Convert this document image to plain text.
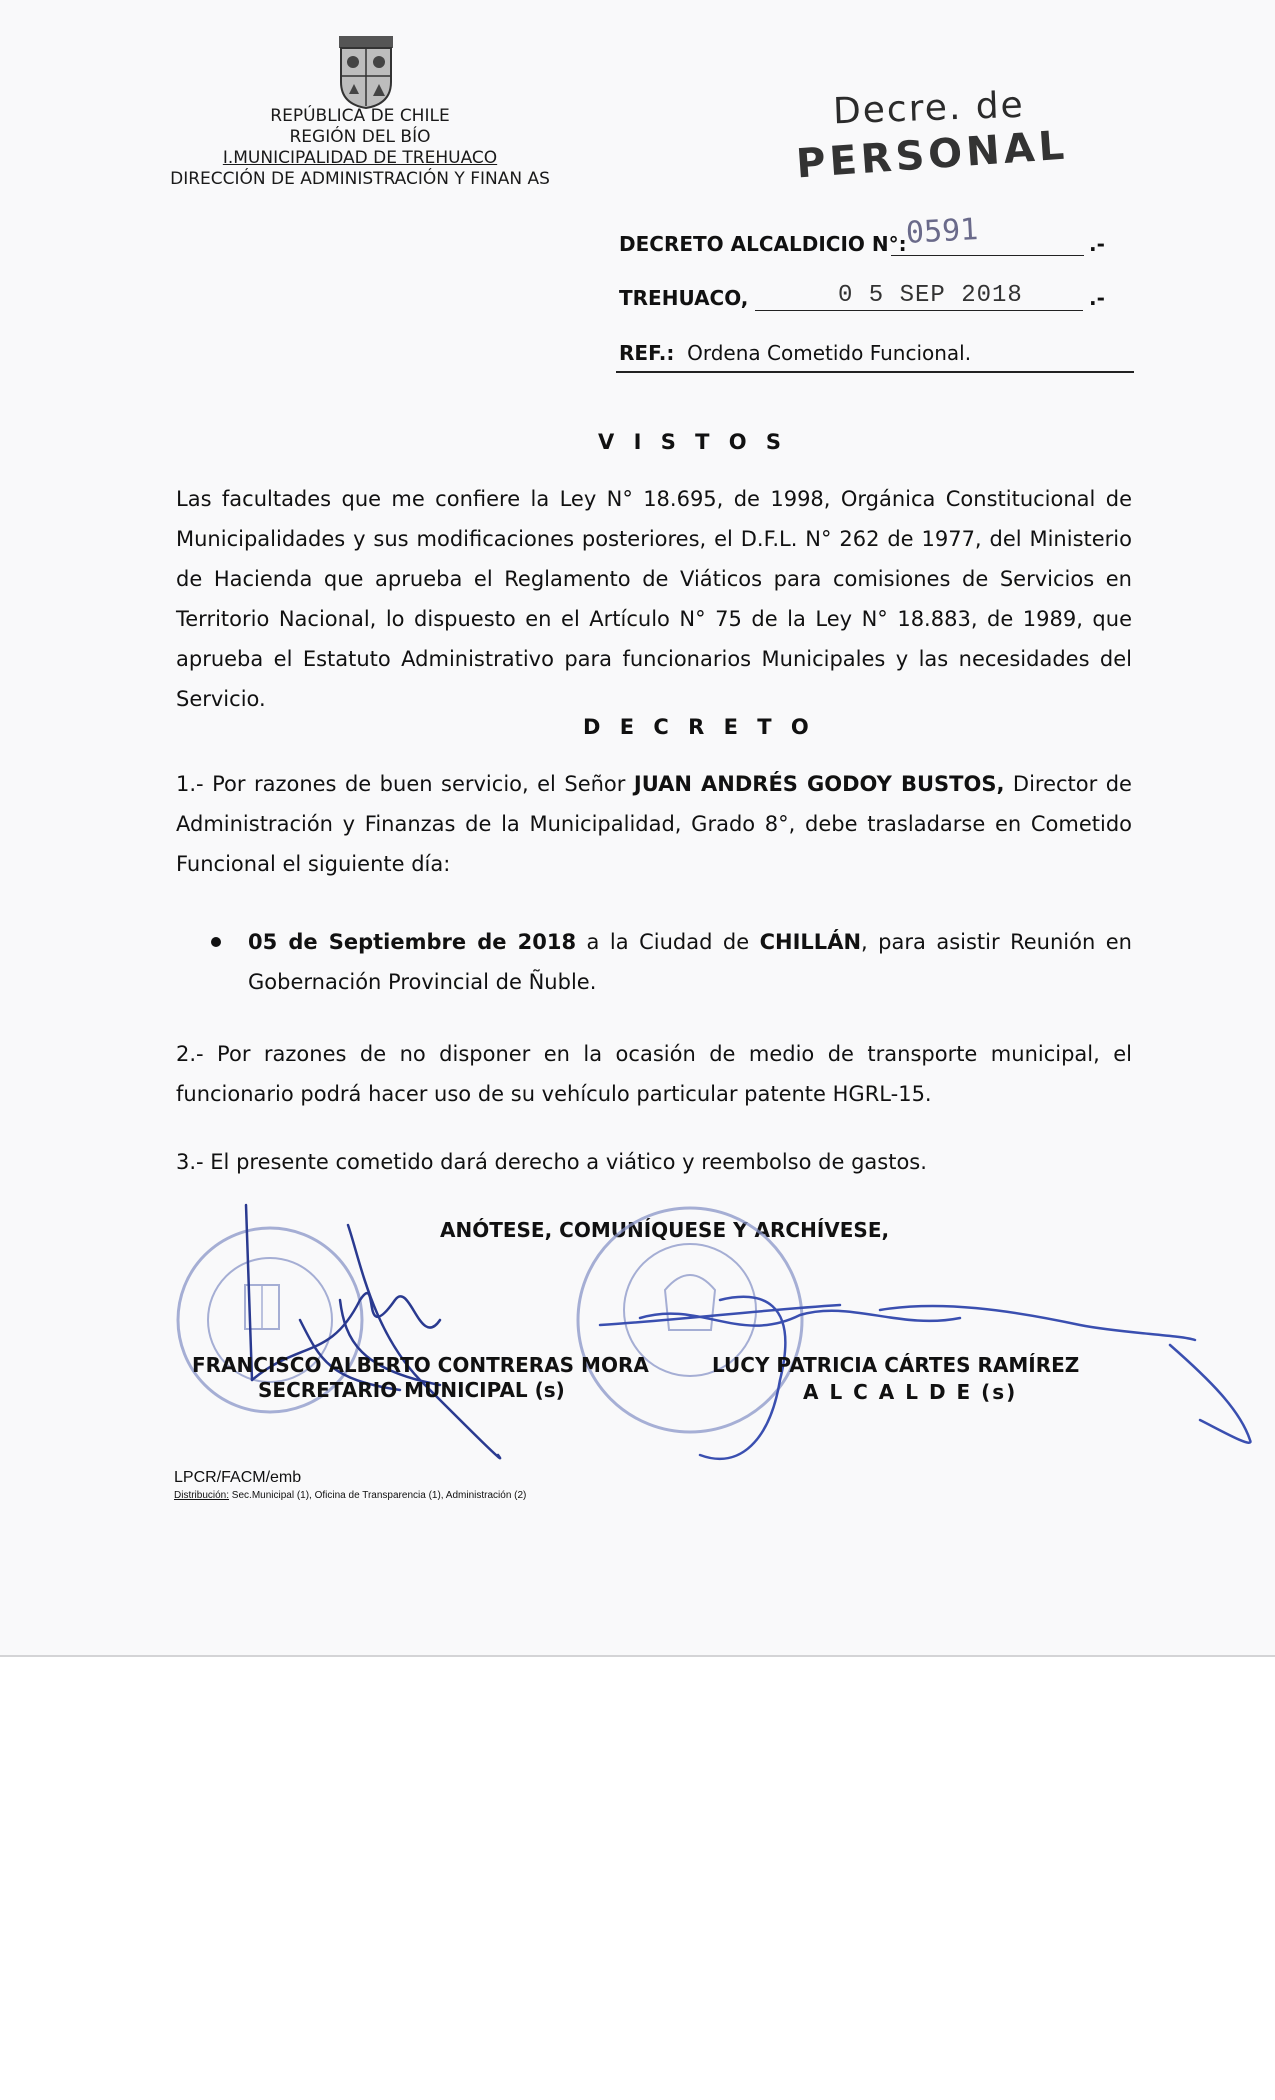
REPÚBLICA DE CHILE
REGIÓN DEL BÍO
I.MUNICIPALIDAD DE TREHUACO
DIRECCIÓN DE ADMINISTRACIÓN Y FINAN AS
Decre. de
PERSONAL
DECRETO ALCALDICIO N°:
0591	.-
TREHUACO,	0 5 SEP 2018	.-
REF.: Ordena Cometido Funcional.
V I S T O S
Las facultades que me confiere la Ley N° 18.695, de 1998, Orgánica Constitucional de Municipalidades y sus modificaciones posteriores, el D.F.L. N° 262 de 1977, del Ministerio de Hacienda que aprueba el Reglamento de Viáticos para comisiones de Servicios en Territorio Nacional, lo dispuesto en el Artículo N° 75 de la Ley N° 18.883, de 1989, que aprueba el Estatuto Administrativo para funcionarios Municipales y las necesidades del Servicio.
D E C R E T O
1.- Por razones de buen servicio, el Señor JUAN ANDRÉS GODOY BUSTOS, Director de Administración y Finanzas de la Municipalidad, Grado 8°, debe trasladarse en Cometido Funcional el siguiente día:
05 de Septiembre de 2018 a la Ciudad de CHILLÁN, para asistir Reunión en Gobernación Provincial de Ñuble.
2.- Por razones de no disponer en la ocasión de medio de transporte municipal, el funcionario podrá hacer uso de su vehículo particular patente HGRL-15.
3.- El presente cometido dará derecho a viático y reembolso de gastos.
ANÓTESE, COMUNÍQUESE Y ARCHÍVESE,
FRANCISCO ALBERTO CONTRERAS MORA
SECRETARIO MUNICIPAL (s)
LUCY PATRICIA CÁRTES RAMÍREZ
A L C A L D E (s)
LPCR/FACM/emb
Distribución: Sec.Municipal (1), Oficina de Transparencia (1), Administración (2)
